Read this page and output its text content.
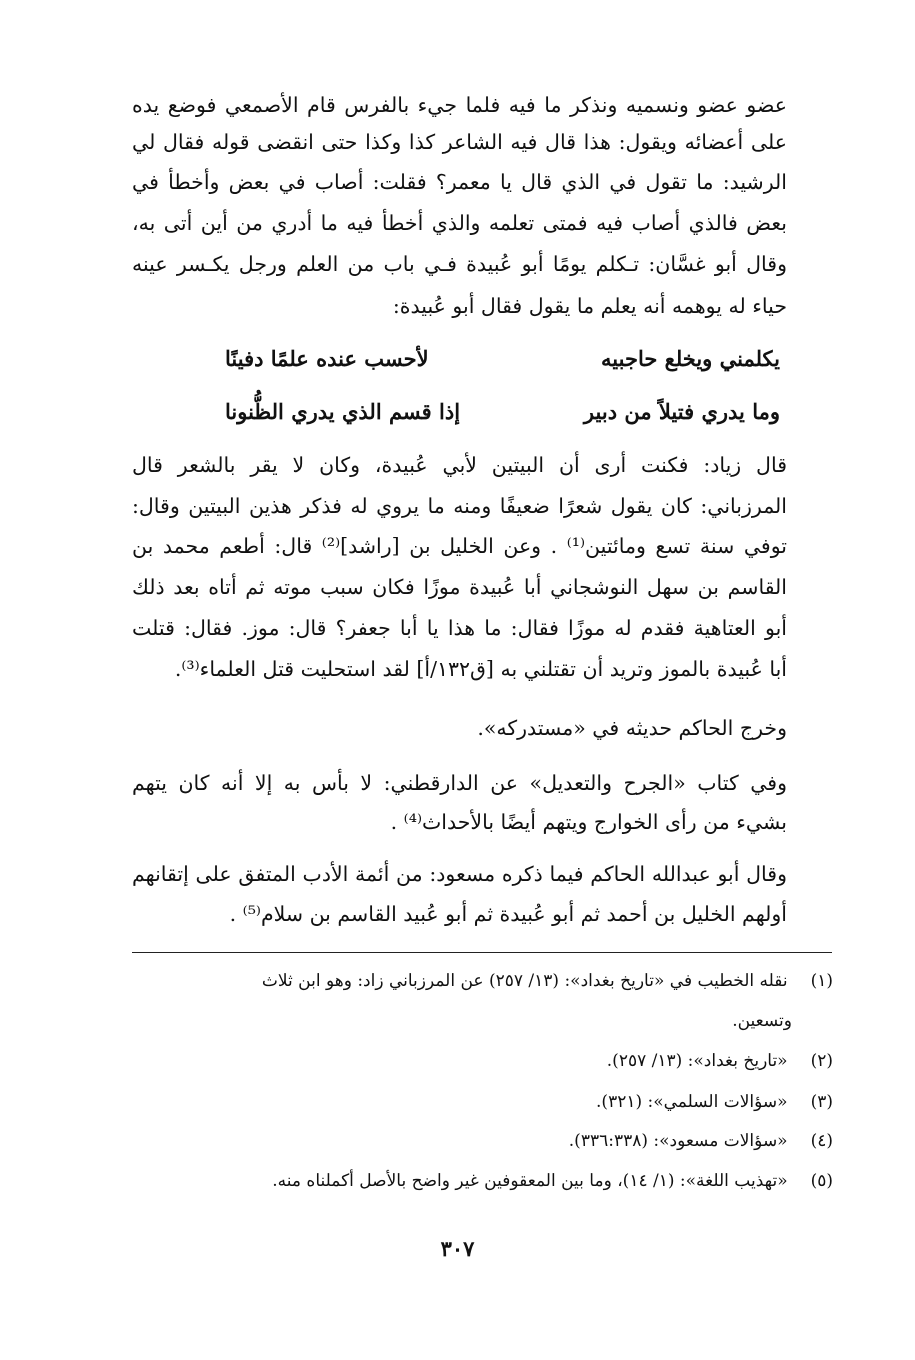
عضو عضو ونسميه ونذكر ما فيه فلما جيء بالفرس قام الأصمعي فوضع يده
على أعضائه ويقول: هذا قال فيه الشاعر كذا وكذا حتى انقضى قوله فقال لي
الرشيد: ما تقول في الذي قال يا معمر؟ فقلت: أصاب في بعض وأخطأ في
بعض فالذي أصاب فيه فمتى تعلمه والذي أخطأ فيه ما أدري من أين أتى به،
وقال أبو غسَّان: تـكلم يومًا أبو عُبيدة فـي باب من العلم ورجل يكـسر عينه
حياء له يوهمه أنه يعلم ما يقول فقال أبو عُبيدة:
يكلمني ويخلع حاجبيه
لأحسب عنده علمًا دفينًا
وما يدري فتيلاً من دبير
إذا قسم الذي يدري الظُّنونا
قال زياد: فكنت أرى أن البيتين لأبي عُبيدة، وكان لا يقر بالشعر قال
المرزباني: كان يقول شعرًا ضعيفًا ومنه ما يروي له فذكر هذين البيتين وقال:
توفي سنة تسع ومائتين⁽¹⁾ . وعن الخليل بن [راشد]⁽²⁾ قال: أطعم محمد بن
القاسم بن سهل النوشجاني أبا عُبيدة موزًا فكان سبب موته ثم أتاه بعد ذلك
أبو العتاهية فقدم له موزًا فقال: ما هذا يا أبا جعفر؟ قال: موز. فقال: قتلت
أبا عُبيدة بالموز وتريد أن تقتلني به [ق١٣٢/أ] لقد استحليت قتل العلماء⁽³⁾.
وخرج الحاكم حديثه في «مستدركه».
وفي كتاب «الجرح والتعديل» عن الدارقطني: لا بأس به إلا أنه كان يتهم
بشيء من رأى الخوارج ويتهم أيضًا بالأحداث⁽⁴⁾ .
وقال أبو عبدالله الحاكم فيما ذكره مسعود: من أئمة الأدب المتفق على إتقانهم
أولهم الخليل بن أحمد ثم أبو عُبيدة ثم أبو عُبيد القاسم بن سلام⁽⁵⁾ .
(١) نقله الخطيب في «تاريخ بغداد»: (١٣/ ٢٥٧) عن المرزباني زاد: وهو ابن ثلاث
وتسعين.
(٢) «تاريخ بغداد»: (١٣/ ٢٥٧).
(٣) «سؤالات السلمي»: (٣٢١).
(٤) «سؤالات مسعود»: (٣٣٦:٣٣٨).
(٥) «تهذيب اللغة»: (١/ ١٤)، وما بين المعقوفين غير واضح بالأصل أكملناه منه.
٣٠٧
